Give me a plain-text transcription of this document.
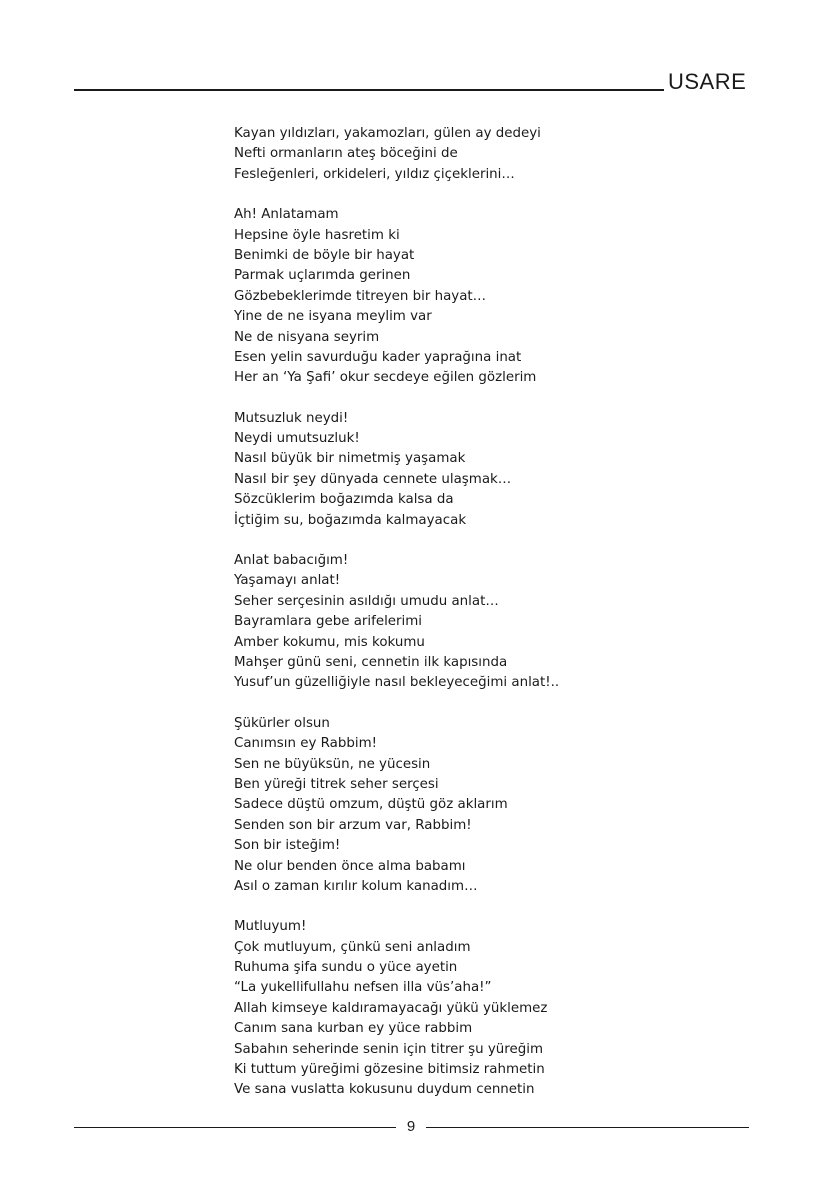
USARE
Kayan yıldızları, yakamozları, gülen ay dedeyi
Nefti ormanların ateş böceğini de
Fesleğenleri, orkideleri, yıldız çiçeklerini…
Ah! Anlatamam
Hepsine öyle hasretim ki
Benimki de böyle bir hayat
Parmak uçlarımda gerinen
Gözbebeklerimde titreyen bir hayat…
Yine de ne isyana meylim var
Ne de nisyana seyrim
Esen yelin savurduğu kader yaprağına inat
Her an ‘Ya Şafi’ okur secdeye eğilen gözlerim
Mutsuzluk neydi!
Neydi umutsuzluk!
Nasıl büyük bir nimetmiş yaşamak
Nasıl bir şey dünyada cennete ulaşmak…
Sözcüklerim boğazımda kalsa da
İçtiğim su, boğazımda kalmayacak
Anlat babacığım!
Yaşamayı anlat!
Seher serçesinin asıldığı umudu anlat…
Bayramlara gebe arifelerimi
Amber kokumu, mis kokumu
Mahşer günü seni, cennetin ilk kapısında
Yusuf’un güzelliğiyle nasıl bekleyeceğimi anlat!..
Şükürler olsun
Canımsın ey Rabbim!
Sen ne büyüksün, ne yücesin
Ben yüreği titrek seher serçesi
Sadece düştü omzum, düştü göz aklarım
Senden son bir arzum var, Rabbim!
Son bir isteğim!
Ne olur benden önce alma babamı
Asıl o zaman kırılır kolum kanadım…
Mutluyum!
Çok mutluyum, çünkü seni anladım
Ruhuma şifa sundu o yüce ayetin
“La yukellifullahu nefsen illa vüs’aha!”
Allah kimseye kaldıramayacağı yükü yüklemez
Canım sana kurban ey yüce rabbim
Sabahın seherinde senin için titrer şu yüreğim
Ki tuttum yüreğimi gözesine bitimsiz rahmetin
Ve sana vuslatta kokusunu duydum cennetin
9
